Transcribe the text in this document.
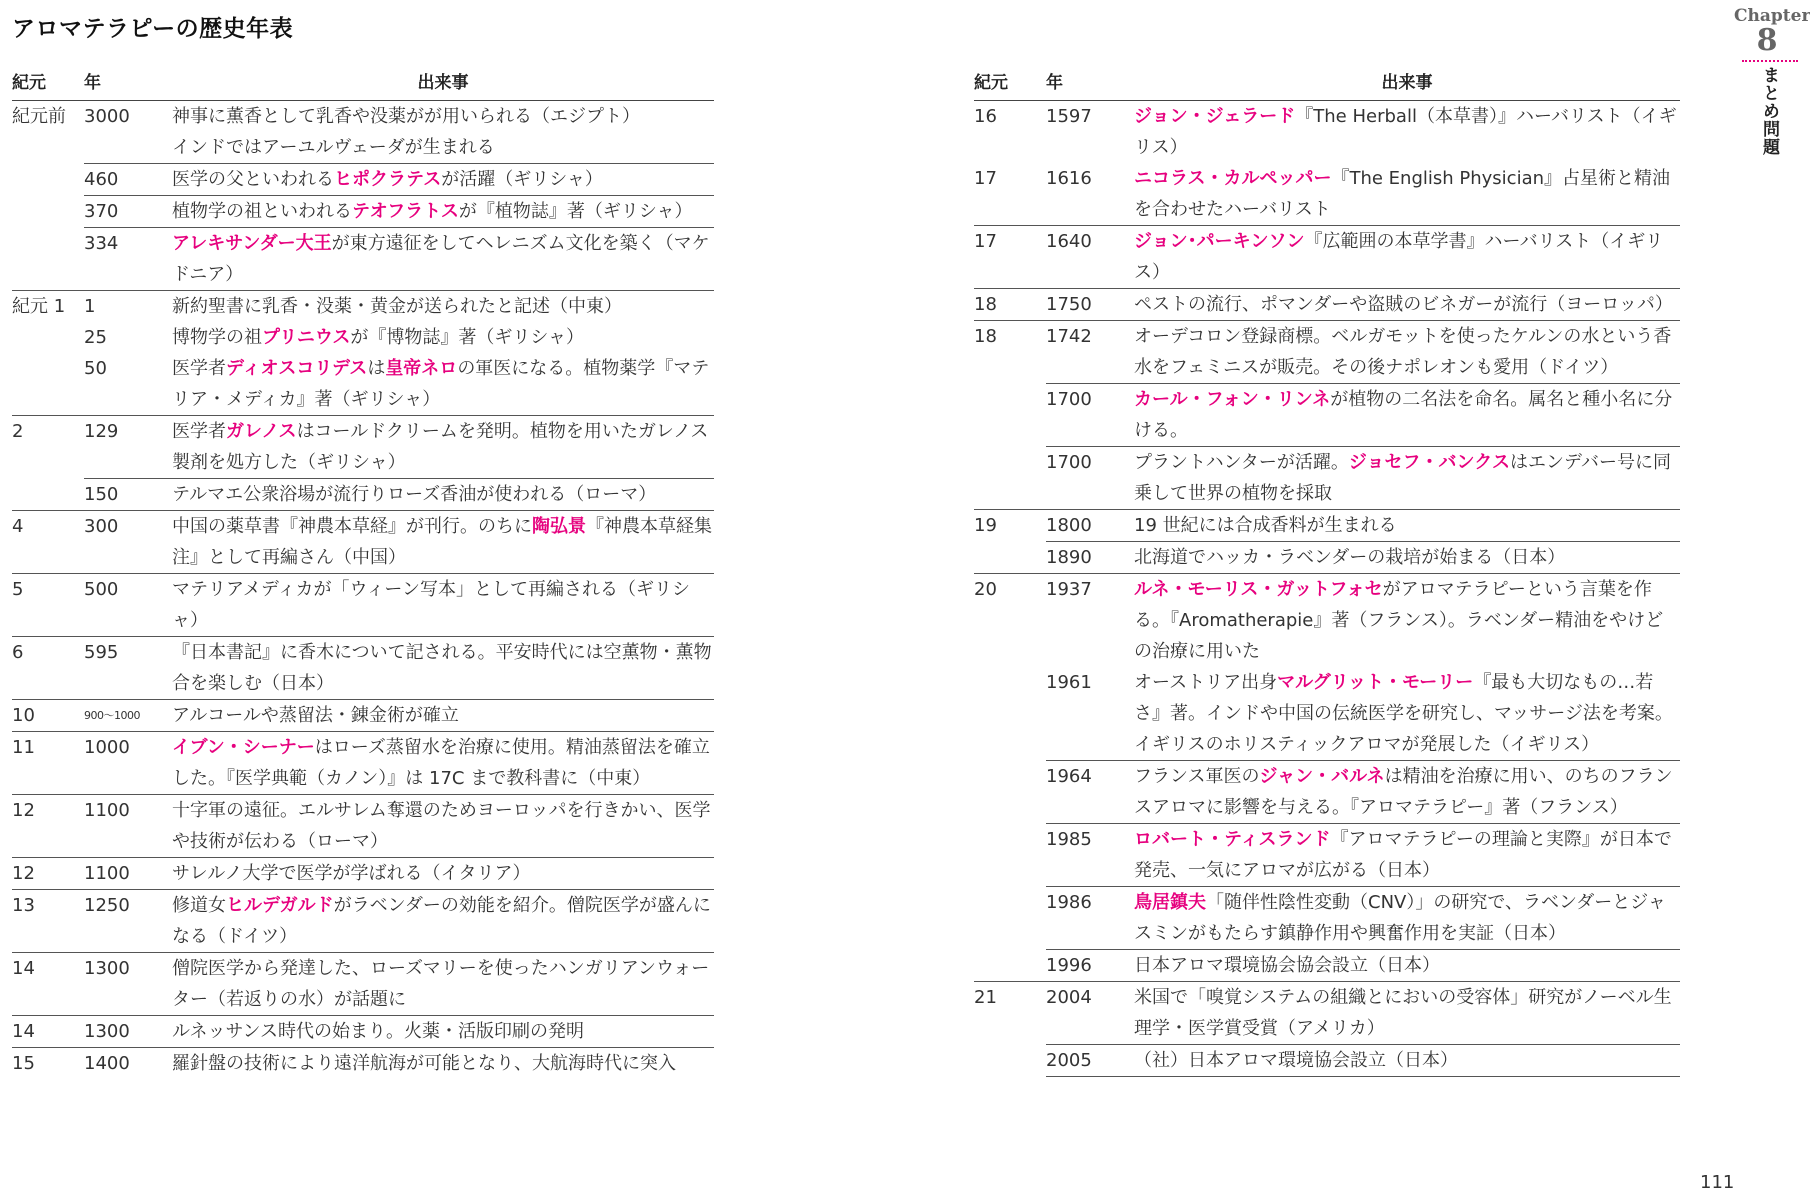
アロマテラピーの歴史年表
紀元	年	出来事
紀元前	3000	神事に薫香として乳香や没薬がが用いられる（エジプト）
		インドではアーユルヴェーダが生まれる
	460	医学の父といわれるヒポクラテスが活躍（ギリシャ）
	370	植物学の祖といわれるテオフラトスが『植物誌』著（ギリシャ）
	334	アレキサンダー大王が東方遠征をしてヘレニズム文化を築く（マケドニア）
紀元 1	1	新約聖書に乳香・没薬・黄金が送られたと記述（中東）
	25	博物学の祖プリニウスが『博物誌』著（ギリシャ）
	50	医学者ディオスコリデスは皇帝ネロの軍医になる。植物薬学『マテリア・メディカ』著（ギリシャ）
2	129	医学者ガレノスはコールドクリームを発明。植物を用いたガレノス製剤を処方した（ギリシャ）
	150	テルマエ公衆浴場が流行りローズ香油が使われる（ローマ）
4	300	中国の薬草書『神農本草経』が刊行。のちに陶弘景『神農本草経集注』として再編さん（中国）
5	500	マテリアメディカが「ウィーン写本」として再編される（ギリシャ）
6	595	『日本書記』に香木について記される。平安時代には空薫物・薫物合を楽しむ（日本）
10	900～1000	アルコールや蒸留法・錬金術が確立
11	1000	イブン・シーナーはローズ蒸留水を治療に使用。精油蒸留法を確立した。『医学典範（カノン）』は 17C まで教科書に（中東）
12	1100	十字軍の遠征。エルサレム奪還のためヨーロッパを行きかい、医学や技術が伝わる（ローマ）
12	1100	サレルノ大学で医学が学ばれる（イタリア）
13	1250	修道女ヒルデガルドがラベンダーの効能を紹介。僧院医学が盛んになる（ドイツ）
14	1300	僧院医学から発達した、ローズマリーを使ったハンガリアンウォーター（若返りの水）が話題に
14	1300	ルネッサンス時代の始まり。火薬・活版印刷の発明
15	1400	羅針盤の技術により遠洋航海が可能となり、大航海時代に突入
紀元	年	出来事
16	1597	ジョン・ジェラード『The Herball（本草書）』ハーバリスト（イギリス）
17	1616	ニコラス・カルペッパー『The English Physician』占星術と精油を合わせたハーバリスト
17	1640	ジョン･パーキンソン『広範囲の本草学書』ハーバリスト（イギリス）
18	1750	ペストの流行、ポマンダーや盗賊のビネガーが流行（ヨーロッパ）
18	1742	オーデコロン登録商標。ベルガモットを使ったケルンの水という香水をフェミニスが販売。その後ナポレオンも愛用（ドイツ）
	1700	カール・フォン・リンネが植物の二名法を命名。属名と種小名に分ける。
	1700	プラントハンターが活躍。ジョセフ・バンクスはエンデバー号に同乗して世界の植物を採取
19	1800	19 世紀には合成香料が生まれる
	1890	北海道でハッカ・ラベンダーの栽培が始まる（日本）
20	1937	ルネ・モーリス・ガットフォセがアロマテラピーという言葉を作る。『Aromatherapie』著（フランス）。ラベンダー精油をやけどの治療に用いた
	1961	オーストリア出身マルグリット・モーリー『最も大切なもの…若さ』著。インドや中国の伝統医学を研究し、マッサージ法を考案。イギリスのホリスティックアロマが発展した（イギリス）
	1964	フランス軍医のジャン・バルネは精油を治療に用い、のちのフランスアロマに影響を与える。『アロマテラピー』著（フランス）
	1985	ロバート・ティスランド『アロマテラピーの理論と実際』が日本で発売、一気にアロマが広がる（日本）
	1986	鳥居鎮夫「随伴性陰性変動（CNV）」の研究で、ラベンダーとジャスミンがもたらす鎮静作用や興奮作用を実証（日本）
	1996	日本アロマ環境協会協会設立（日本）
21	2004	米国で「嗅覚システムの組織とにおいの受容体」研究がノーベル生理学・医学賞受賞（アメリカ）
	2005	（社）日本アロマ環境協会設立（日本）
Chapter
8
まとめ問題
111
